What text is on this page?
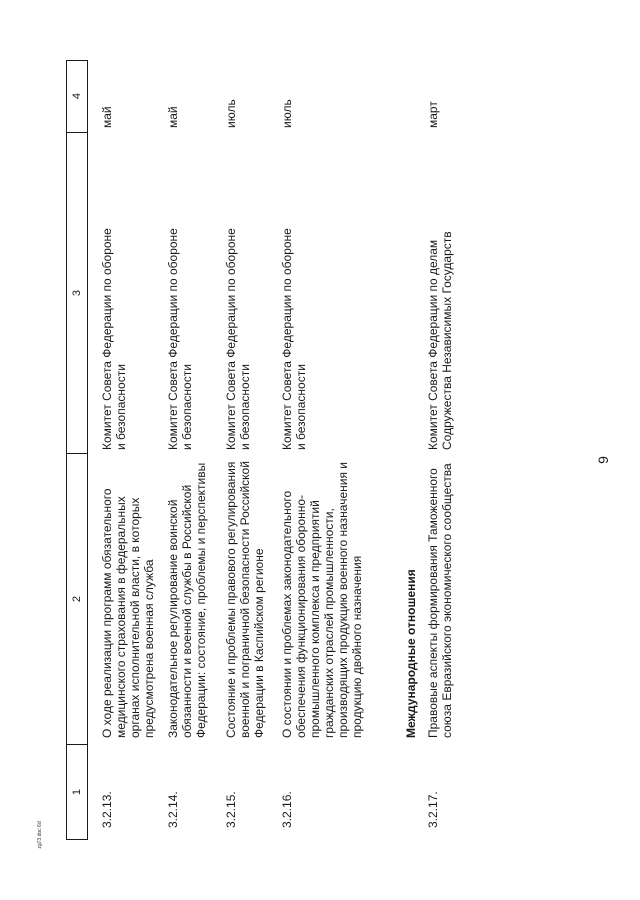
9
1
2
3
4
3.2.13.
О ходе реализации программ обязательного медицинского страхования в федеральных органах исполнительной власти, в которых предусмотрена военная служба
Комитет Совета Федерации по обороне и безопасности
май
3.2.14.
Законодательное регулирование воинской обязанности и военной службы в Российской Федерации: состояние, проблемы и перспективы
Комитет Совета Федерации по обороне и безопасности
май
3.2.15.
Состояние и проблемы правового регулирования военной и пограничной безопасности Российской Федерации в Каспийском регионе
Комитет Совета Федерации по обороне и безопасности
июль
3.2.16.
О состоянии и проблемах законодательного обеспечения функционирования оборонно-промышленного комплекса и предприятий гражданских отраслей промышленности, производящих продукцию военного назначения и продукцию двойного назначения
Комитет Совета Федерации по обороне и безопасности
июль
Международные отношения
3.2.17.
Правовые аспекты формирования Таможенного союза Евразийского экономического сообщества
Комитет Совета Федерации по делам Содружества Независимых Государств
март
zg73.doc 6d
